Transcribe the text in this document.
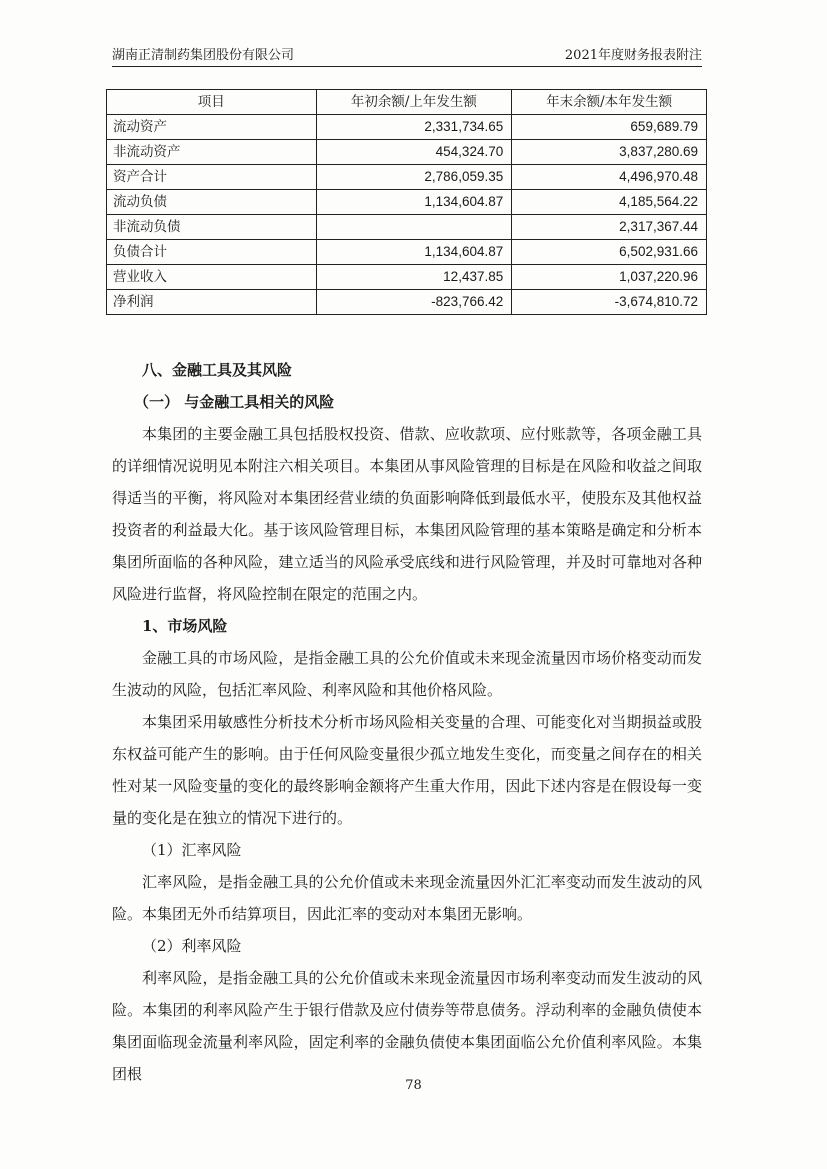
湖南正清制药集团股份有限公司	2021年度财务报表附注
项目	年初余额/上年发生额	年末余额/本年发生额
流动资产	2,331,734.65	659,689.79
非流动资产	454,324.70	3,837,280.69
资产合计	2,786,059.35	4,496,970.48
流动负债	1,134,604.87	4,185,564.22
非流动负债		2,317,367.44
负债合计	1,134,604.87	6,502,931.66
营业收入	12,437.85	1,037,220.96
净利润	-823,766.42	-3,674,810.72

八、金融工具及其风险

（一） 与金融工具相关的风险

本集团的主要金融工具包括股权投资、借款、应收款项、应付账款等，各项金融工具的详细情况说明见本附注六相关项目。本集团从事风险管理的目标是在风险和收益之间取得适当的平衡，将风险对本集团经营业绩的负面影响降低到最低水平，使股东及其他权益投资者的利益最大化。基于该风险管理目标，本集团风险管理的基本策略是确定和分析本集团所面临的各种风险，建立适当的风险承受底线和进行风险管理，并及时可靠地对各种风险进行监督，将风险控制在限定的范围之内。

1、市场风险

金融工具的市场风险，是指金融工具的公允价值或未来现金流量因市场价格变动而发生波动的风险，包括汇率风险、利率风险和其他价格风险。

本集团采用敏感性分析技术分析市场风险相关变量的合理、可能变化对当期损益或股东权益可能产生的影响。由于任何风险变量很少孤立地发生变化，而变量之间存在的相关性对某一风险变量的变化的最终影响金额将产生重大作用，因此下述内容是在假设每一变量的变化是在独立的情况下进行的。

（1）汇率风险

汇率风险，是指金融工具的公允价值或未来现金流量因外汇汇率变动而发生波动的风险。本集团无外币结算项目，因此汇率的变动对本集团无影响。

（2）利率风险

利率风险，是指金融工具的公允价值或未来现金流量因市场利率变动而发生波动的风险。本集团的利率风险产生于银行借款及应付债券等带息债务。浮动利率的金融负债使本集团面临现金流量利率风险，固定利率的金融负债使本集团面临公允价值利率风险。本集团根

78
